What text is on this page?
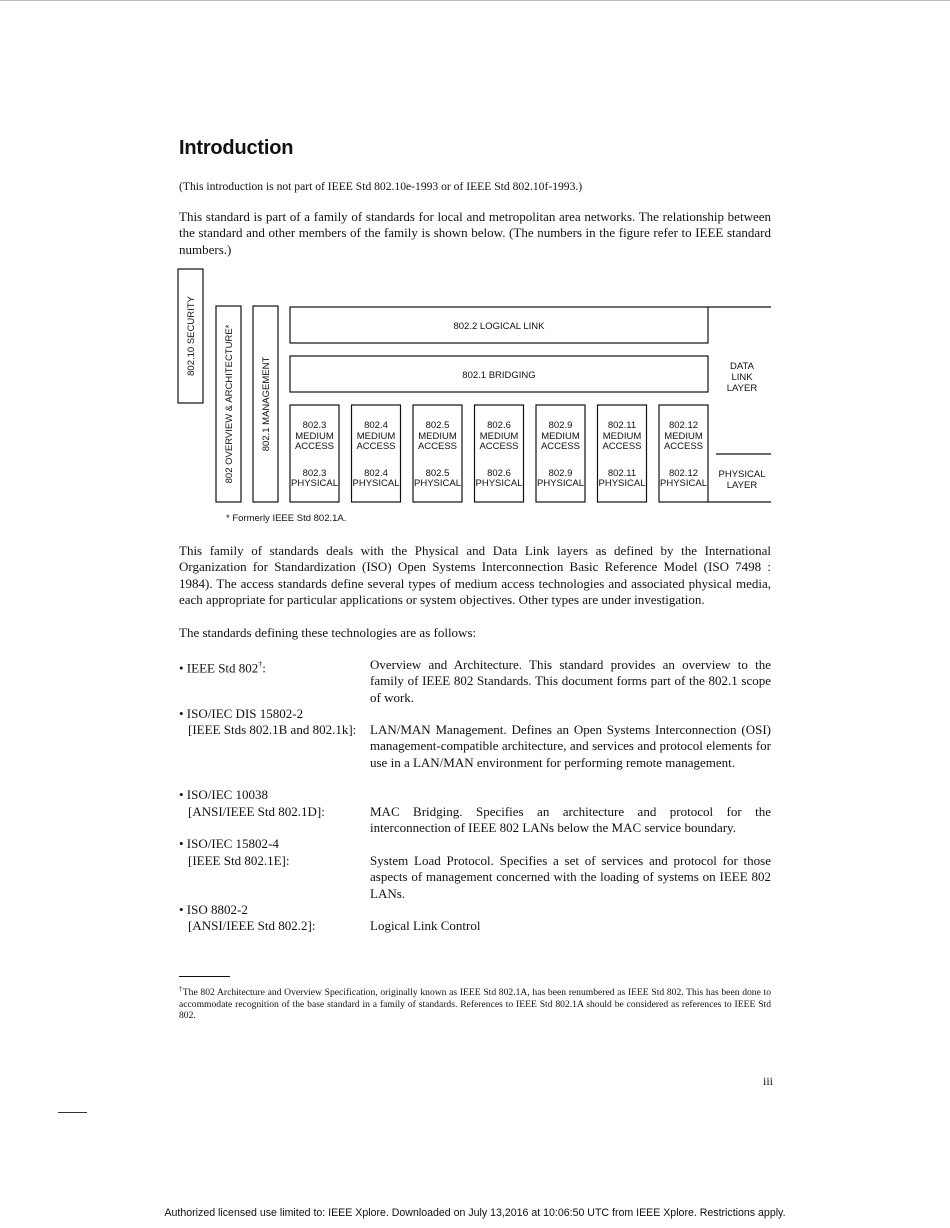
Introduction
(This introduction is not part of IEEE Std 802.10e-1993 or of IEEE Std 802.10f-1993.)
This standard is part of a family of standards for local and metropolitan area networks. The relationship between the standard and other members of the family is shown below. (The numbers in the figure refer to IEEE standard numbers.)
802.10 SECURITY	802 OVERVIEW & ARCHITECTURE*	802.1 MANAGEMENT
802.2 LOGICAL LINK
802.1 BRIDGING
DATA
LINK
LAYER
PHYSICAL
LAYER
802.3
MEDIUM
ACCESS
802.3
PHYSICAL
802.4
MEDIUM
ACCESS
802.4
PHYSICAL
802.5
MEDIUM
ACCESS
802.5
PHYSICAL
802.6
MEDIUM
ACCESS
802.6
PHYSICAL
802.9
MEDIUM
ACCESS
802.9
PHYSICAL
802.11
MEDIUM
ACCESS
802.11
PHYSICAL
802.12
MEDIUM
ACCESS
802.12
PHYSICAL
* Formerly IEEE Std 802.1A.
This family of standards deals with the Physical and Data Link layers as defined by the International Organization for Standardization (ISO) Open Systems Interconnection Basic Reference Model (ISO 7498 : 1984). The access standards define several types of medium access technologies and associated physical media, each appropriate for particular applications or system objectives. Other types are under investigation.
The standards defining these technologies are as follows:
• IEEE Std 802†:	Overview and Architecture. This standard provides an overview to the family of IEEE 802 Standards. This document forms part of the 802.1 scope of work.
• ISO/IEC DIS 15802-2
[IEEE Stds 802.1B and 802.1k]:	LAN/MAN Management. Defines an Open Systems Interconnection (OSI) management-compatible architecture, and services and protocol elements for use in a LAN/MAN environment for performing remote management.
• ISO/IEC 10038
[ANSI/IEEE Std 802.1D]:	MAC Bridging. Specifies an architecture and protocol for the interconnection of IEEE 802 LANs below the MAC service boundary.
• ISO/IEC 15802-4
[IEEE Std 802.1E]:	System Load Protocol. Specifies a set of services and protocol for those aspects of management concerned with the loading of systems on IEEE 802 LANs.
• ISO 8802-2
[ANSI/IEEE Std 802.2]:	Logical Link Control
†The 802 Architecture and Overview Specification, originally known as IEEE Std 802.1A, has been renumbered as IEEE Std 802. This has been done to accommodate recognition of the base standard in a family of standards. References to IEEE Std 802.1A should be considered as references to IEEE Std 802.
iii
Authorized licensed use limited to: IEEE Xplore. Downloaded on July 13,2016 at 10:06:50 UTC from IEEE Xplore. Restrictions apply.
